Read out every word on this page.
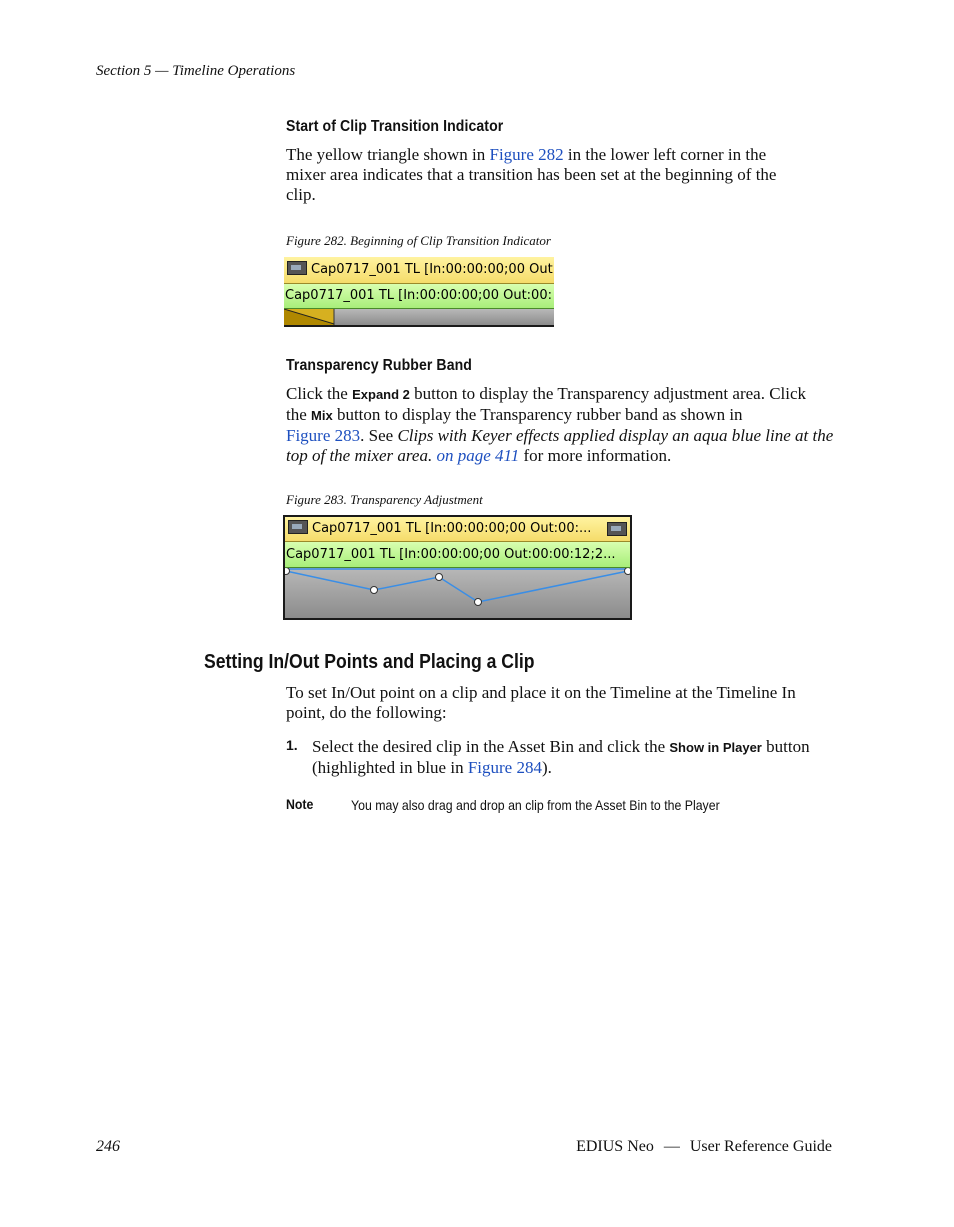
Section 5 — Timeline Operations
Start of Clip Transition Indicator
The yellow triangle shown in Figure 282 in the lower left corner in the
mixer area indicates that a transition has been set at the beginning of the
clip.
Figure 282. Beginning of Clip Transition Indicator
Cap0717_001 TL [In:00:00:00;00 Out
Cap0717_001 TL [In:00:00:00;00 Out:00:
Transparency Rubber Band
Click the Expand 2 button to display the Transparency adjustment area. Click
the Mix button to display the Transparency rubber band as shown in
Figure 283. See Clips with Keyer effects applied display an aqua blue line at the
top of the mixer area. on page 411 for more information.
Figure 283. Transparency Adjustment
Cap0717_001 TL [In:00:00:00;00 Out:00:...
Cap0717_001 TL [In:00:00:00;00 Out:00:00:12;2...
Setting In/Out Points and Placing a Clip
To set In/Out point on a clip and place it on the Timeline at the Timeline In
point, do the following:
1. Select the desired clip in the Asset Bin and click the Show in Player button
(highlighted in blue in Figure 284).
Note	You may also drag and drop an clip from the Asset Bin to the Player
246	EDIUS Neo — User Reference Guide
